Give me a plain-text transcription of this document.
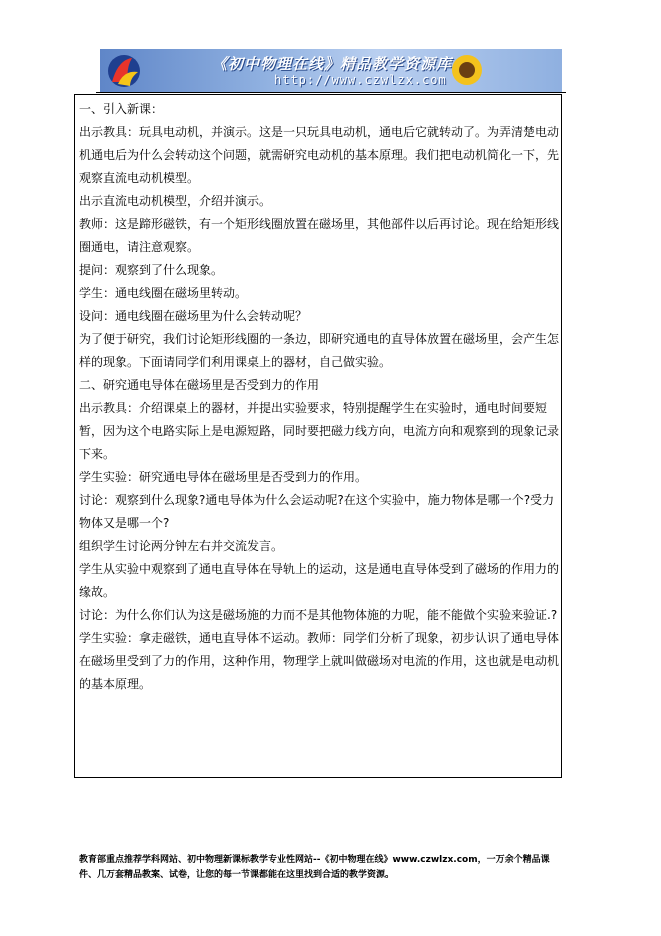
《初中物理在线》精品教学资源库
http://www.czwlzx.com

一、引入新课：

出示教具：玩具电动机，并演示。这是一只玩具电动机，通电后它就转动了。为弄清楚电动机通电后为什么会转动这个问题，就需研究电动机的基本原理。我们把电动机简化一下，先观察直流电动机模型。

出示直流电动机模型，介绍并演示。

教师：这是蹄形磁铁，有一个矩形线圈放置在磁场里，其他部件以后再讨论。现在给矩形线圈通电，请注意观察。

提问：观察到了什么现象。

学生：通电线圈在磁场里转动。

设问：通电线圈在磁场里为什么会转动呢？

为了便于研究，我们讨论矩形线圈的一条边，即研究通电的直导体放置在磁场里，会产生怎样的现象。下面请同学们利用课桌上的器材，自己做实验。

二、研究通电导体在磁场里是否受到力的作用

出示教具：介绍课桌上的器材，并提出实验要求，特别提醒学生在实验时，通电时间要短暂，因为这个电路实际上是电源短路，同时要把磁力线方向，电流方向和观察到的现象记录下来。

学生实验：研究通电导体在磁场里是否受到力的作用。

讨论：观察到什么现象?通电导体为什么会运动呢?在这个实验中，施力物体是哪一个?受力物体又是哪一个?

组织学生讨论两分钟左右并交流发言。

学生从实验中观察到了通电直导体在导轨上的运动，这是通电直导体受到了磁场的作用力的缘故。

讨论：为什么你们认为这是磁场施的力而不是其他物体施的力呢，能不能做个实验来验证.?

学生实验：拿走磁铁，通电直导体不运动。教师：同学们分析了现象，初步认识了通电导体在磁场里受到了力的作用，这种作用，物理学上就叫做磁场对电流的作用，这也就是电动机的基本原理。

教育部重点推荐学科网站、初中物理新课标教学专业性网站--《初中物理在线》www.czwlzx.com，一万余个精品课

件、几万套精品教案、试卷，让您的每一节课都能在这里找到合适的教学资源。
